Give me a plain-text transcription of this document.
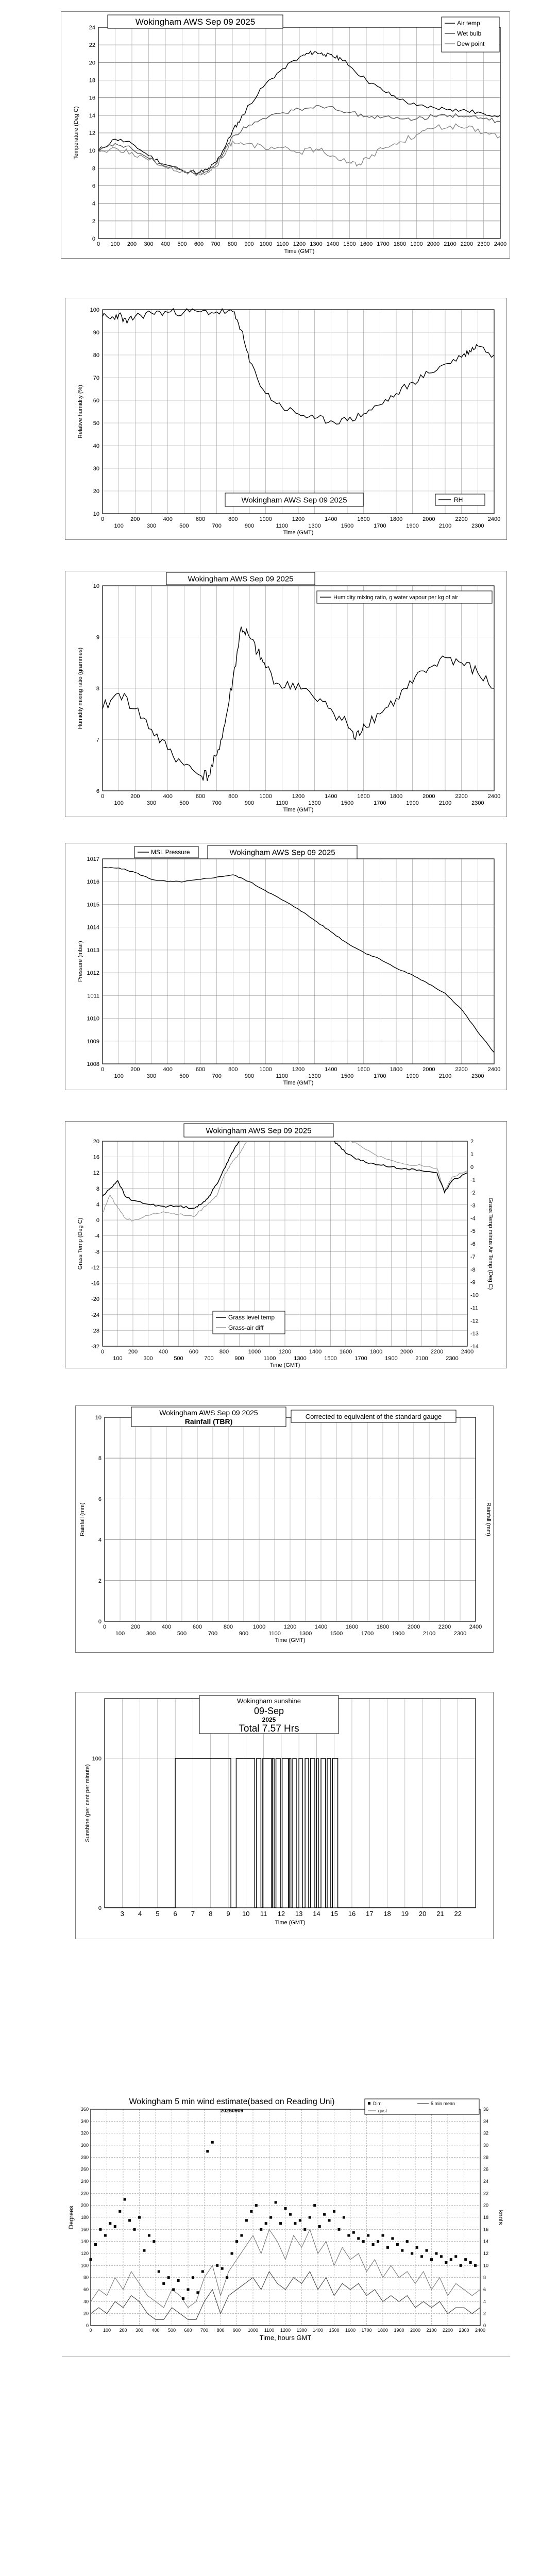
0
2
4
6
8
10
12
14
16
18
20
22
24
0 100 200 300 400 500 600 700 800 900 1000 1100 1200 1300 1400 1500 1600 1700 1800 1900 2000 2100 2200 2300 2400
Time (GMT)
Temperature (Deg C)
Wokingham AWS Sep 09 2025	Air temp
Wet bulb
Dew point
10
20
30
40
50
60
70
80
90
100
0	200	400	600	800	1000	1200	1400	1600	1800	2000	2200	2400
100	300	500	700	900	1100	1300	1500	1700	1900	2100	2300
Time (GMT)
Relative humidity (%)
Wokingham AWS Sep 09 2025	RH
6
7
8
9
10
0	200	400	600	800	1000	1200	1400	1600	1800	2000	2200	2400
100	300	500	700	900	1100	1300	1500	1700	1900	2100	2300
Time (GMT)
Humidity mixing ratio (grammes)
Wokingham AWS Sep 09 2025
Humidity mixing ratio, g water vapour per kg of air
1008
1009
1010
1011
1012
1013
1014
1015
1016
1017
0	200	400	600	800	1000	1200	1400	1600	1800	2000	2200	2400
100	300	500	700	900	1100	1300	1500	1700	1900	2100	2300
Time (GMT)
Pressure (mbar)
MSL Pressure	Wokingham AWS Sep 09 2025
-32
-28
-24
-20
-16
-12
-8
-4
0
4
8
12
16
20
0	200	400	600	800	1000	1200	1400	1600	1800	2000	2200	2400
100	300	500	700	900	1100	1300	1500	1700	1900	2100	2300
Time (GMT)
Grass Temp (Deg C)
-14
-13
-12
-11
-10
-9
-8
-7
-6
-5
-4
-3
-2
-1
0
1
2
Grass Temp minus Air Temp (Deg C)
Wokingham AWS Sep 09 2025
Grass level temp
Grass-air diff
0
2
4
6
8
10
0	200	400	600	800	1000	1200	1400	1600	1800	2000	2200	2400
100	300	500	700	900	1100	1300	1500	1700	1900	2100	2300
Time (GMT)
Rainfall (mm)	Rainfall (mm)
Wokingham AWS Sep 09 2025
Rainfall (TBR)
Corrected to equivalent of the standard gauge
3 4 5 6 7 8 9 10 11 12 13 14 15 16 17 18 19 20 21 22
0
100
Time (GMT)
Sunshine (per cent per minute)
Wokingham sunshine
09-Sep
2025
Total 7.57 Hrs
0
20
40
60
80
100
120
140
160
180
200
220
240
260
280
300
320
340
360
0
2
4
6
8
10
12
14
16
18
20
22
24
26
28
30
32
34
36
0 100 200 300 400 500 600 700 800 900 1000 1100 1200 1300 1400 1500 1600 1700 1800 1900 2000 2100 2200 2300 2400
Time, hours GMT
Degrees	knots
Wokingham 5 min wind estimate(based on Reading Uni)
20250909
Dirn	5 min mean
gust
